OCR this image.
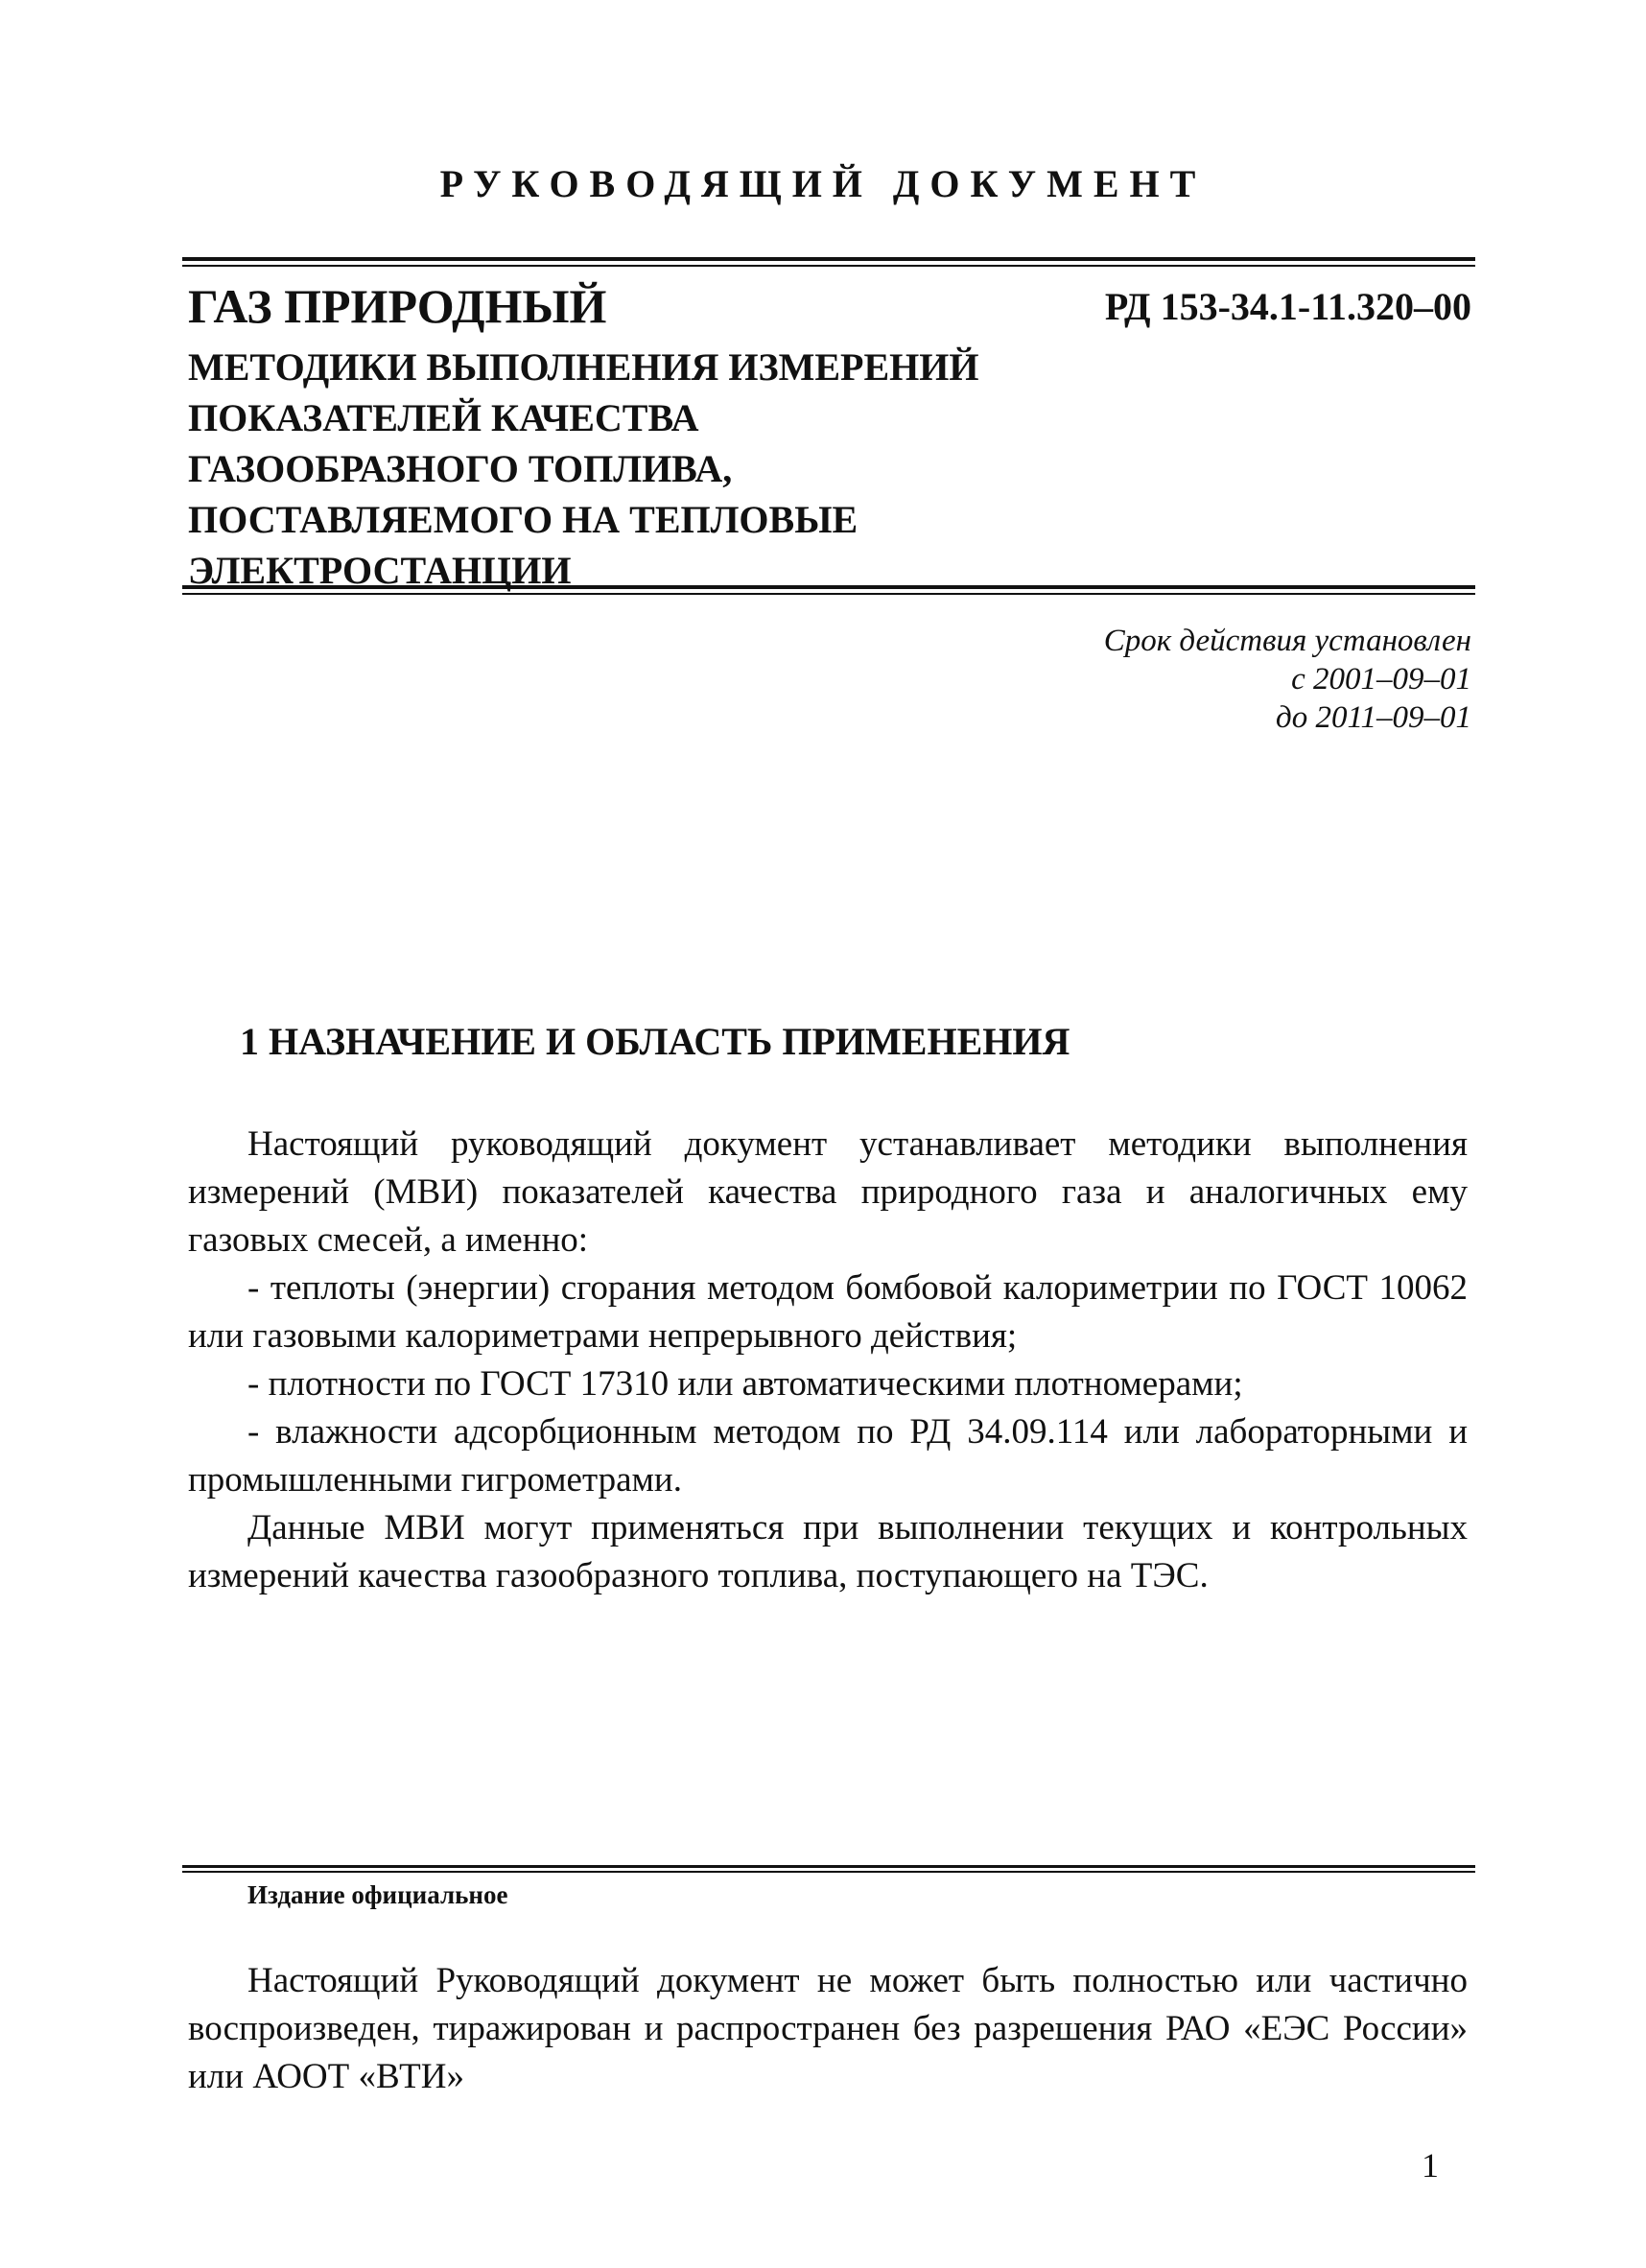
РУКОВОДЯЩИЙ ДОКУМЕНТ
ГАЗ ПРИРОДНЫЙ	РД 153-34.1-11.320–00
МЕТОДИКИ ВЫПОЛНЕНИЯ ИЗМЕРЕНИЙ
ПОКАЗАТЕЛЕЙ КАЧЕСТВА
ГАЗООБРАЗНОГО ТОПЛИВА,
ПОСТАВЛЯЕМОГО НА ТЕПЛОВЫЕ
ЭЛЕКТРОСТАНЦИИ
Срок действия установлен
с 2001–09–01
до 2011–09–01
1 НАЗНАЧЕНИЕ И ОБЛАСТЬ ПРИМЕНЕНИЯ

Настоящий руководящий документ устанавливает методики выполнения измерений (МВИ) показателей качества природного газа и аналогичных ему газовых смесей, а именно:

- теплоты (энергии) сгорания методом бомбовой калориметрии по ГОСТ 10062 или газовыми калориметрами непрерывного действия;

- плотности по ГОСТ 17310 или автоматическими плотномерами;

- влажности адсорбционным методом по РД 34.09.114 или лабораторными и промышленными гигрометрами.

Данные МВИ могут применяться при выполнении текущих и контрольных измерений качества газообразного топлива, поступающего на ТЭС.

Издание официальное
Настоящий Руководящий документ не может быть полностью или частично воспроизведен, тиражирован и распространен без разрешения РАО «ЕЭС России» или АООТ «ВТИ»
1
